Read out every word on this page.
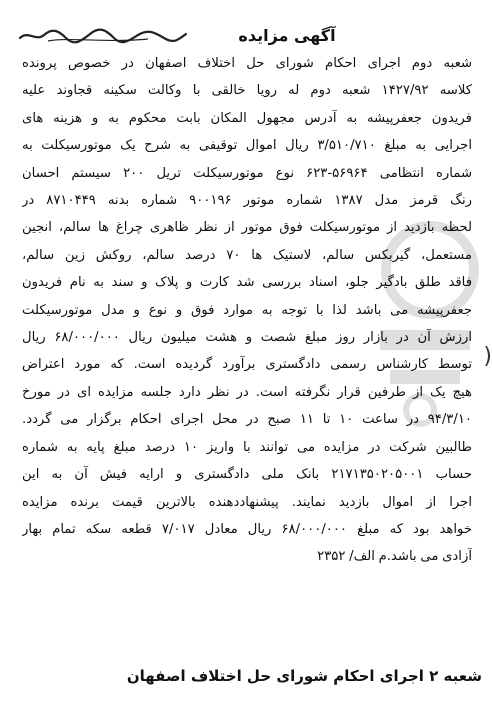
آگهی مزایده
شعبه دوم اجرای احکام شورای حل اختلاف اصفهان در خصوص پرونده
کلاسه ۱۴۲۷/۹۲ شعبه دوم له رویا خالقی با وکالت سکینه قجاوند علیه
فریدون جعفرپیشه به آدرس مجهول المکان بابت محکوم به و هزینه های
اجرایی به مبلغ ۳/۵۱۰/۷۱۰ ریال اموال توقیفی به شرح یک موتورسیکلت به
شماره انتظامی ۵۶۹۶۴-۶۲۳ نوع موتورسیکلت تریل ۲۰۰ سیستم احسان
رنگ قرمز مدل ۱۳۸۷ شماره موتور ۹۰۰۱۹۶ شماره بدنه ۸۷۱۰۴۴۹ در
لحظه بازدید از موتورسیکلت فوق موتور از نظر ظاهری چراغ ها سالم، انجین
مستعمل، گیربکس سالم، لاستیک ها ۷۰ درصد سالم، روکش زین سالم،
فاقد طلق بادگیر جلو، اسناد بررسی شد کارت و پلاک و سند به نام فریدون
جعفرپیشه می باشد لذا با توجه به موارد فوق و نوع و مدل موتورسیکلت
ارزش آن در بازار روز مبلغ شصت و هشت میلیون ریال ۶۸/۰۰۰/۰۰۰ ریال
توسط کارشناس رسمی دادگستری برآورد گردیده است. که مورد اعتراض
هیچ یک از طرفین قرار نگرفته است. در نظر دارد جلسه مزایده ای در مورخ
۹۴/۳/۱۰ در ساعت ۱۰ تا ۱۱ صبح در محل اجرای احکام برگزار می گردد.
طالبین شرکت در مزایده می توانند با واریز ۱۰ درصد مبلغ پایه به شماره
حساب ۲۱۷۱۳۵۰۲۰۵۰۰۱ بانک ملی دادگستری و ارایه فیش آن به این
اجرا از اموال بازدید نمایند. پیشنهاددهنده بالاترین قیمت برنده مزایده
خواهد بود که مبلغ ۶۸/۰۰۰/۰۰۰ ریال معادل ۷/۰۱۷ قطعه سکه تمام بهار
آزادی می باشد.م الف/ ۲۳۵۲
)
شعبه ۲ اجرای احکام شورای حل اختلاف اصفهان
